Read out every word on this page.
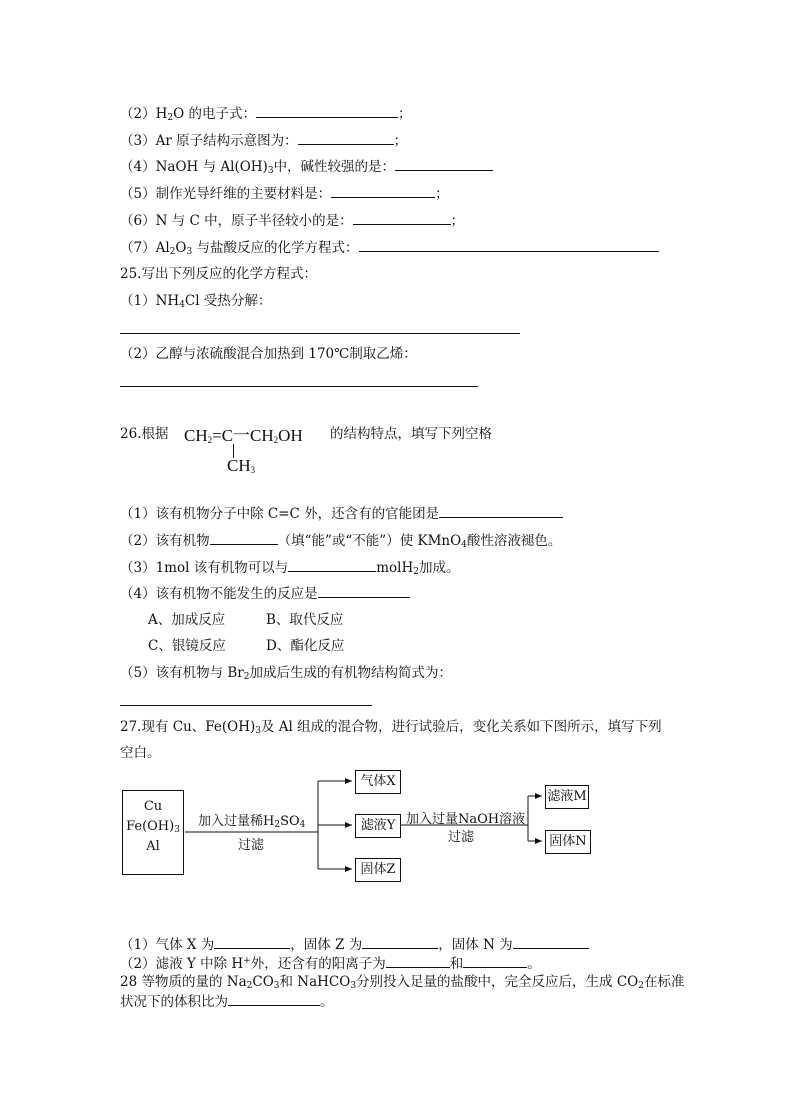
$(2)H_2O$ 的电子式：	；
（3）Ar 原子结构示意图为：	；
（4）NaOH 与 $Al(OH)_3$中，碱性较强的是：
（5）制作光导纤维的主要材料是：	；
（6）N 与 C 中，原子半径较小的是：	；
$(7)Al_2O_3$ 与盐酸反应的化学方程式：
25.写出下列反应的化学方程式：
$(1)NH_4Cl$ 受热分解：
（2）乙醇与浓硫酸混合加热到 170℃制取乙烯：
26.根据 $CH_2=C$一$CH_2OH$
$CH_3$
的结构特点，填写下列空格
（1）该有机物分子中除 C=C 外，还含有的官能团是
（2）该有机物	（填“能”或“不能”）使 KMnO$_4$酸性溶液褪色。
（3）1mol 该有机物可以与	molH$_2$加成。
（4）该有机物不能发生的反应是
A、加成反应	B、取代反应
C、银镜反应	D、酯化反应
（5）该有机物与 $Br_2$加成后生成的有机物结构简式为：
27.现有 Cu、$Fe(OH)_3$及 Al 组成的混合物，进行试验后，变化关系如下图所示，填写下列
空白。
Cu
$Fe(OH)_3$
Al
加入过量稀$H_2SO_4$
过滤
气体X
滤液Y
固体Z
加入过量NaOH溶液
过滤
滤液M
固体N
（1）气体 X 为	，固体 Z 为	，固体 N 为
（2）滤液 Y 中除 H+外，还含有的阳离子为	和	。
28 等物质的量的 $Na_2CO_3$和 NaHCO$_3$分别投入足量的盐酸中，完全反应后，生成 $CO_2$在标准
状况下的体积比为	。
